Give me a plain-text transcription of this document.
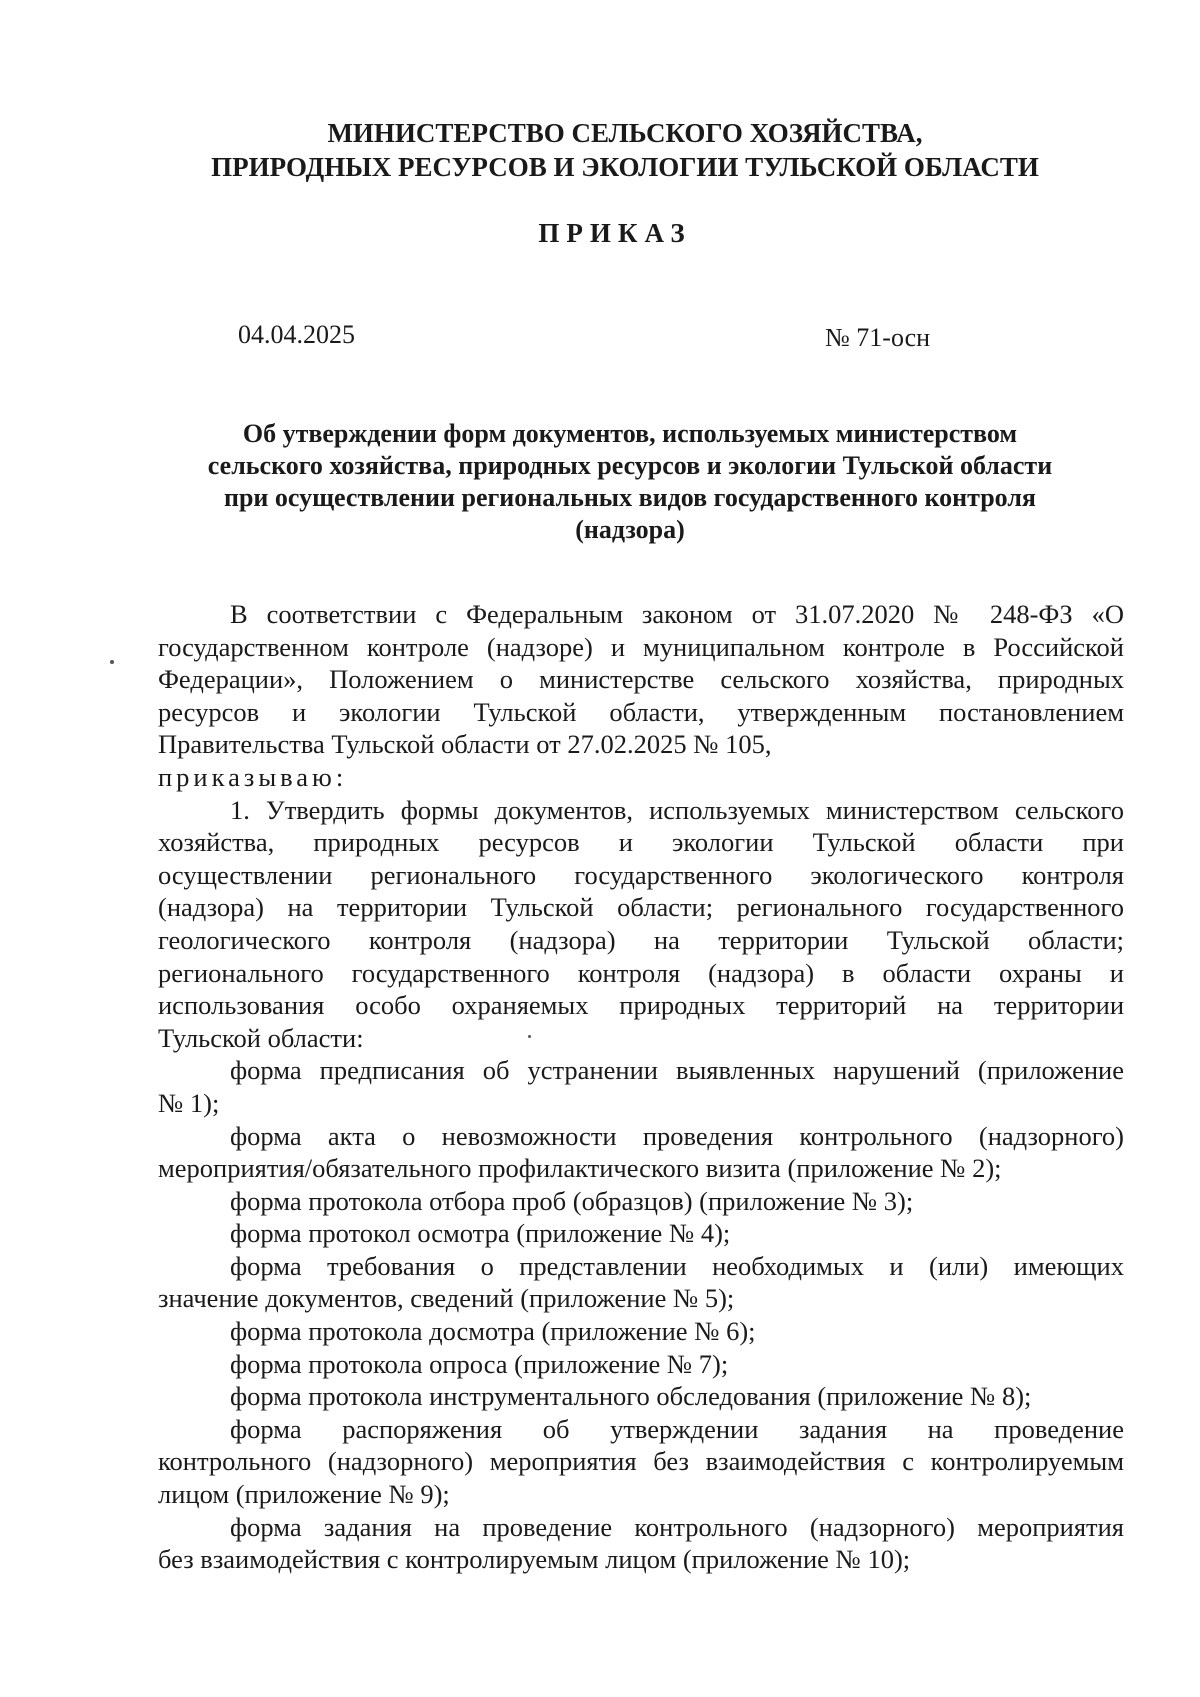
МИНИСТЕРСТВО СЕЛЬСКОГО ХОЗЯЙСТВА,
ПРИРОДНЫХ РЕСУРСОВ И ЭКОЛОГИИ ТУЛЬСКОЙ ОБЛАСТИ
ПРИКАЗ
04.04.2025	№ 71-осн
Об утверждении форм документов, используемых министерством
сельского хозяйства, природных ресурсов и экологии Тульской области
при осуществлении региональных видов государственного контроля
(надзора)

В соответствии с Федеральным законом от 31.07.2020 № 248-ФЗ «О

государственном контроле (надзоре) и муниципальном контроле в Российской

Федерации», Положением о министерстве сельского хозяйства, природных

ресурсов и экологии Тульской области, утвержденным постановлением

Правительства Тульской области от 27.02.2025 № 105,

приказываю:

1. Утвердить формы документов, используемых министерством сельского

хозяйства, природных ресурсов и экологии Тульской области при

осуществлении регионального государственного экологического контроля

(надзора) на территории Тульской области; регионального государственного

геологического контроля (надзора) на территории Тульской области;

регионального государственного контроля (надзора) в области охраны и

использования особо охраняемых природных территорий на территории

Тульской области:

форма предписания об устранении выявленных нарушений (приложение

№ 1);

форма акта о невозможности проведения контрольного (надзорного)

мероприятия/обязательного профилактического визита (приложение № 2);

форма протокола отбора проб (образцов) (приложение № 3);

форма протокол осмотра (приложение № 4);

форма требования о представлении необходимых и (или) имеющих

значение документов, сведений (приложение № 5);

форма протокола досмотра (приложение № 6);

форма протокола опроса (приложение № 7);

форма протокола инструментального обследования (приложение № 8);

форма распоряжения об утверждении задания на проведение

контрольного (надзорного) мероприятия без взаимодействия с контролируемым

лицом (приложение № 9);

форма задания на проведение контрольного (надзорного) мероприятия

без взаимодействия с контролируемым лицом (приложение № 10);
